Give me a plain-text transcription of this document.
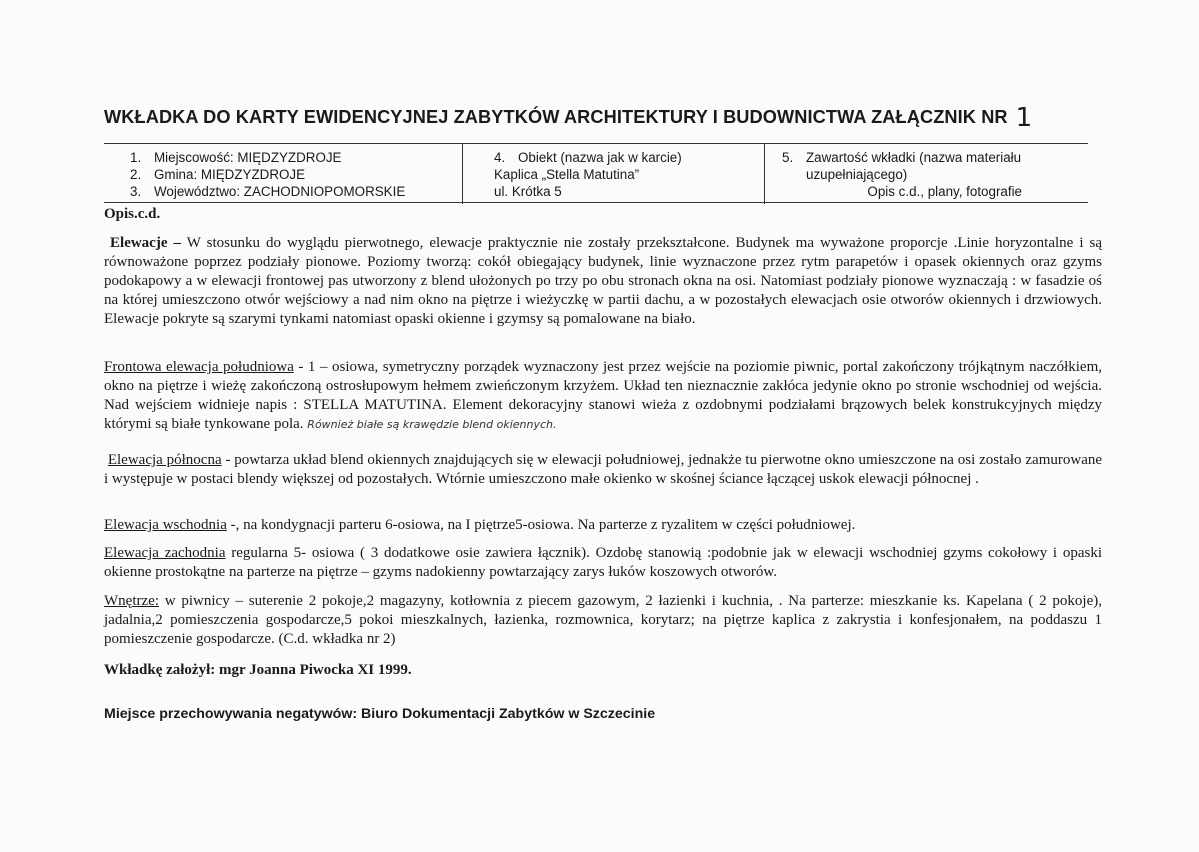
WKŁADKA DO KARTY EWIDENCYJNEJ ZABYTKÓW ARCHITEKTURY I BUDOWNICTWA ZAŁĄCZNIK NR 1
1. Miejscowość: MIĘDZYZDROJE
2. Gmina: MIĘDZYZDROJE
3. Województwo: ZACHODNIOPOMORSKIE
4. Obiekt (nazwa jak w karcie)
Kaplica „Stella Matutina”
ul. Krótka 5
5. Zawartość wkładki (nazwa materiału
uzupełniającego)
Opis c.d., plany, fotografie
Opis.c.d.
Elewacje – W stosunku do wyglądu pierwotnego, elewacje praktycznie nie zostały przekształcone. Budynek ma wyważone proporcje .Linie horyzontalne i są równoważone poprzez podziały pionowe. Poziomy tworzą: cokół obiegający budynek, linie wyznaczone przez rytm parapetów i opasek okiennych oraz gzyms podokapowy a w elewacji frontowej pas utworzony z blend ułożonych po trzy po obu stronach okna na osi. Natomiast podziały pionowe wyznaczają : w fasadzie oś na której umieszczono otwór wejściowy a nad nim okno na piętrze i wieżyczkę w partii dachu, a w pozostałych elewacjach osie otworów okiennych i drzwiowych. Elewacje pokryte są szarymi tynkami natomiast opaski okienne i gzymsy są pomalowane na biało.
Frontowa elewacja południowa - 1 – osiowa, symetryczny porządek wyznaczony jest przez wejście na poziomie piwnic, portal zakończony trójkątnym naczółkiem, okno na piętrze i wieżę zakończoną ostrosłupowym hełmem zwieńczonym krzyżem. Układ ten nieznacznie zakłóca jedynie okno po stronie wschodniej od wejścia. Nad wejściem widnieje napis : STELLA MATUTINA. Element dekoracyjny stanowi wieża z ozdobnymi podziałami brązowych belek konstrukcyjnych między którymi są białe tynkowane pola. Również białe są krawędzie blend okiennych.
Elewacja północna - powtarza układ blend okiennych znajdujących się w elewacji południowej, jednakże tu pierwotne okno umieszczone na osi zostało zamurowane i występuje w postaci blendy większej od pozostałych. Wtórnie umieszczono małe okienko w skośnej ściance łączącej uskok elewacji północnej .
Elewacja wschodnia -, na kondygnacji parteru 6-osiowa, na I piętrze5-osiowa. Na parterze z ryzalitem w części południowej.
Elewacja zachodnia regularna 5- osiowa ( 3 dodatkowe osie zawiera łącznik). Ozdobę stanowią :podobnie jak w elewacji wschodniej gzyms cokołowy i opaski okienne prostokątne na parterze na piętrze – gzyms nadokienny powtarzający zarys łuków koszowych otworów.
Wnętrze: w piwnicy – suterenie 2 pokoje,2 magazyny, kotłownia z piecem gazowym, 2 łazienki i kuchnia, . Na parterze: mieszkanie ks. Kapelana ( 2 pokoje), jadalnia,2 pomieszczenia gospodarcze,5 pokoi mieszkalnych, łazienka, rozmownica, korytarz; na piętrze kaplica z zakrystia i konfesjonałem, na poddaszu 1 pomieszczenie gospodarcze. (C.d. wkładka nr 2)
Wkładkę założył: mgr Joanna Piwocka XI 1999.
Miejsce przechowywania negatywów: Biuro Dokumentacji Zabytków w Szczecinie
